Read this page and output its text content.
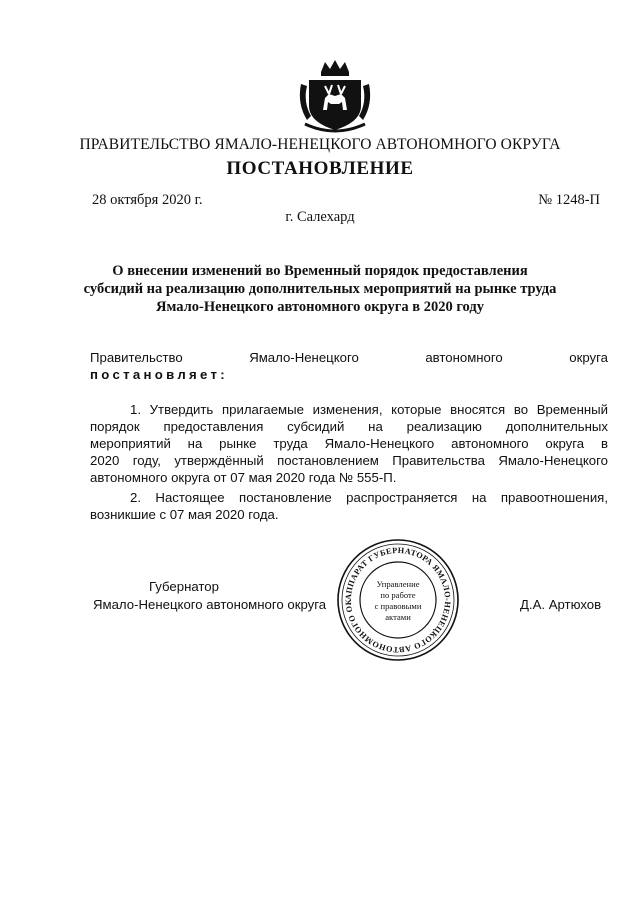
ПРАВИТЕЛЬСТВО ЯМАЛО-НЕНЕЦКОГО АВТОНОМНОГО ОКРУГА
ПОСТАНОВЛЕНИЕ
28 октября 2020 г.	№ 1248-П
г. Салехард
О внесении изменений во Временный порядок предоставления
субсидий на реализацию дополнительных мероприятий на рынке труда
Ямало-Ненецкого автономного округа в 2020 году
Правительство Ямало-Ненецкого автономного округа
постановляет:
1. Утвердить прилагаемые изменения, которые вносятся во Временный
порядок предоставления субсидий на реализацию дополнительных
мероприятий на рынке труда Ямало-Ненецкого автономного округа в
2020 году, утверждённый постановлением Правительства Ямало-Ненецкого
автономного округа от 07 мая 2020 года № 555-П.
2. Настоящее постановление распространяется на правоотношения,
возникшие с 07 мая 2020 года.
Губернатор
Ямало-Ненецкого автономного округа	Д.А. Артюхов
АППАРАТ ГУБЕРНАТОРА ЯМАЛО-НЕНЕЦКОГО АВТОНОМНОГО ОК
Управление
по работе
с правовыми
актами
